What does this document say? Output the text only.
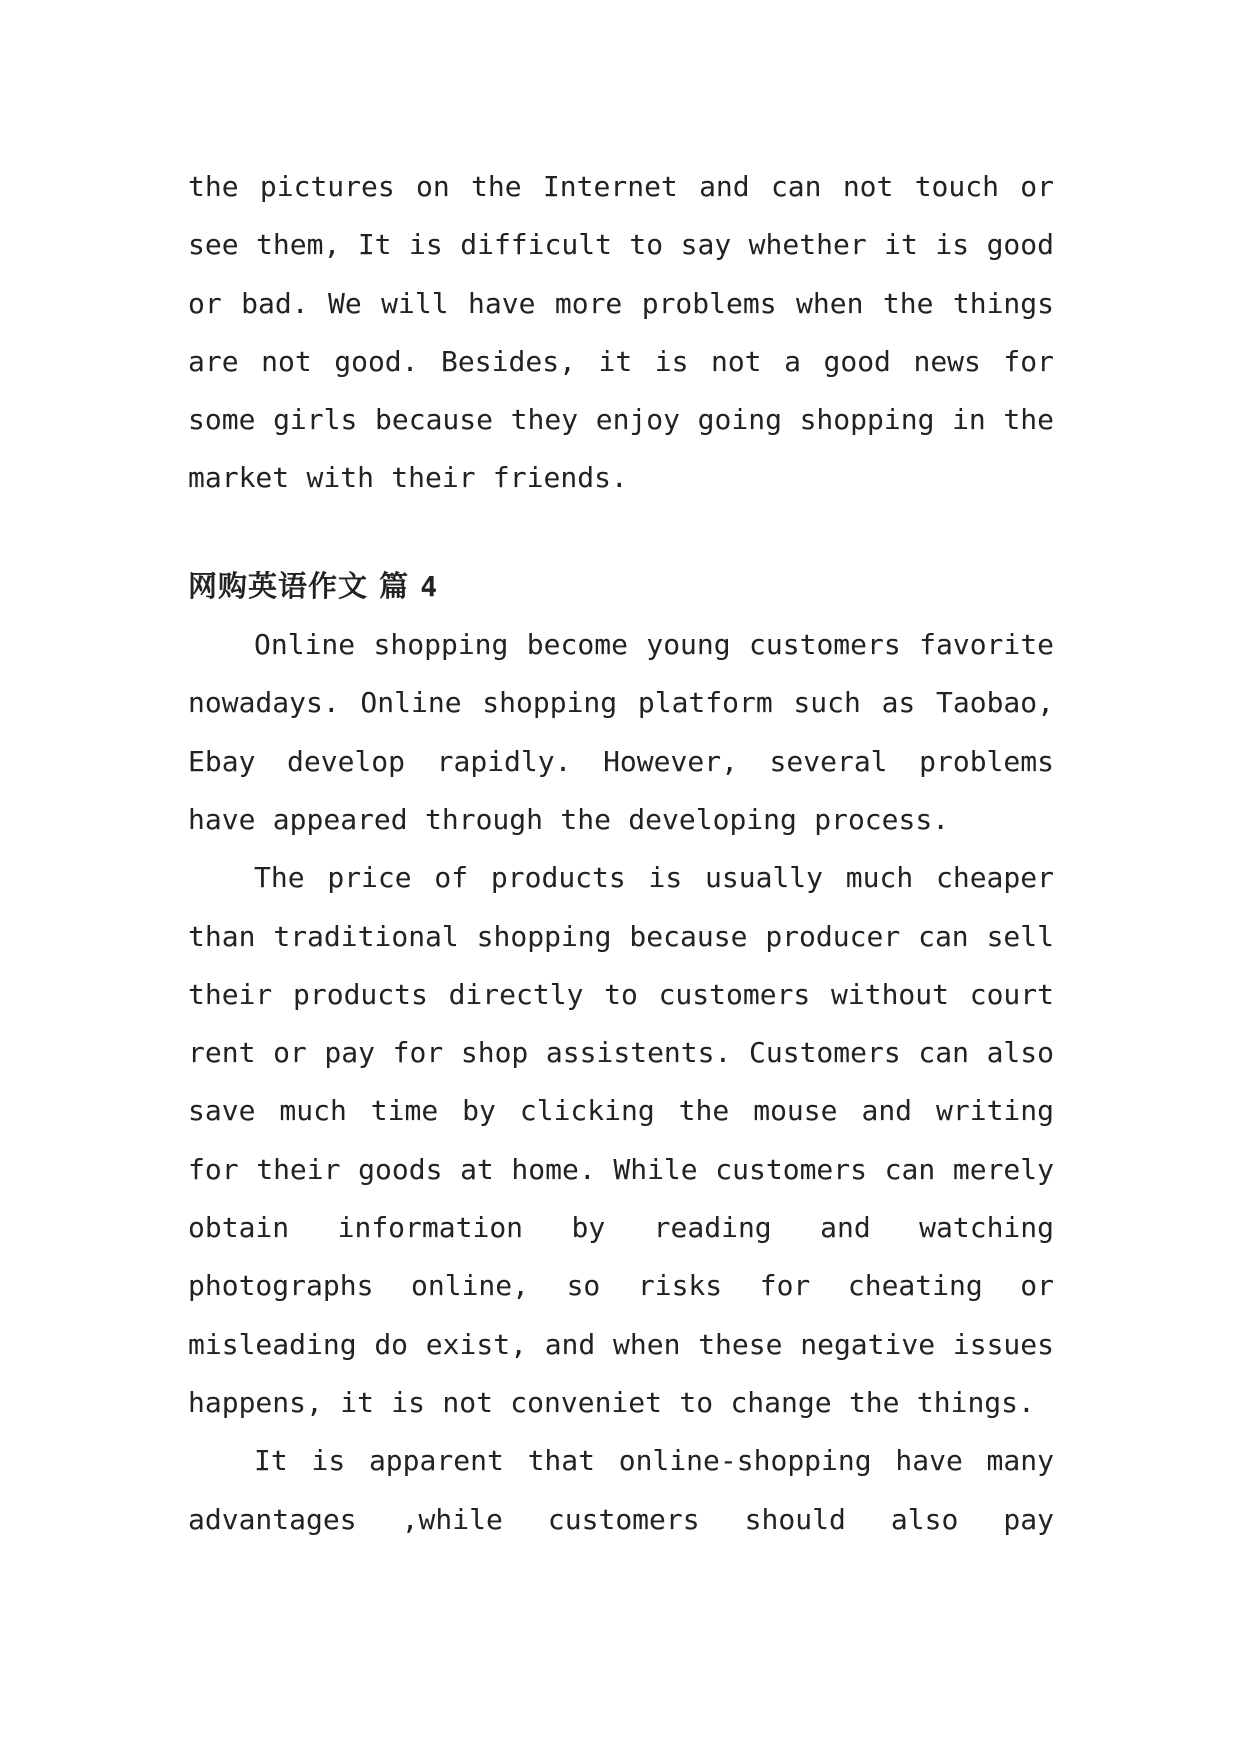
the pictures on the Internet and can not touch or see them, It is difficult to say whether it is good or bad. We will have more problems when the things are not good. Besides, it is not a good news for some girls because they enjoy going shopping in the market with their friends.

网购英语作文 篇 4

Online shopping become young customers favorite nowadays. Online shopping platform such as Taobao, Ebay develop rapidly. However, several problems have appeared through the developing process.

The price of products is usually much cheaper than traditional shopping because producer can sell their products directly to customers without court rent or pay for shop assistents. Customers can also save much time by clicking the mouse and writing for their goods at home. While customers can merely obtain information by reading and watching photographs online, so risks for cheating or misleading do exist, and when these negative issues happens, it is not conveniet to change the things.

It is apparent that online-shopping have many advantages ,while customers should also pay
